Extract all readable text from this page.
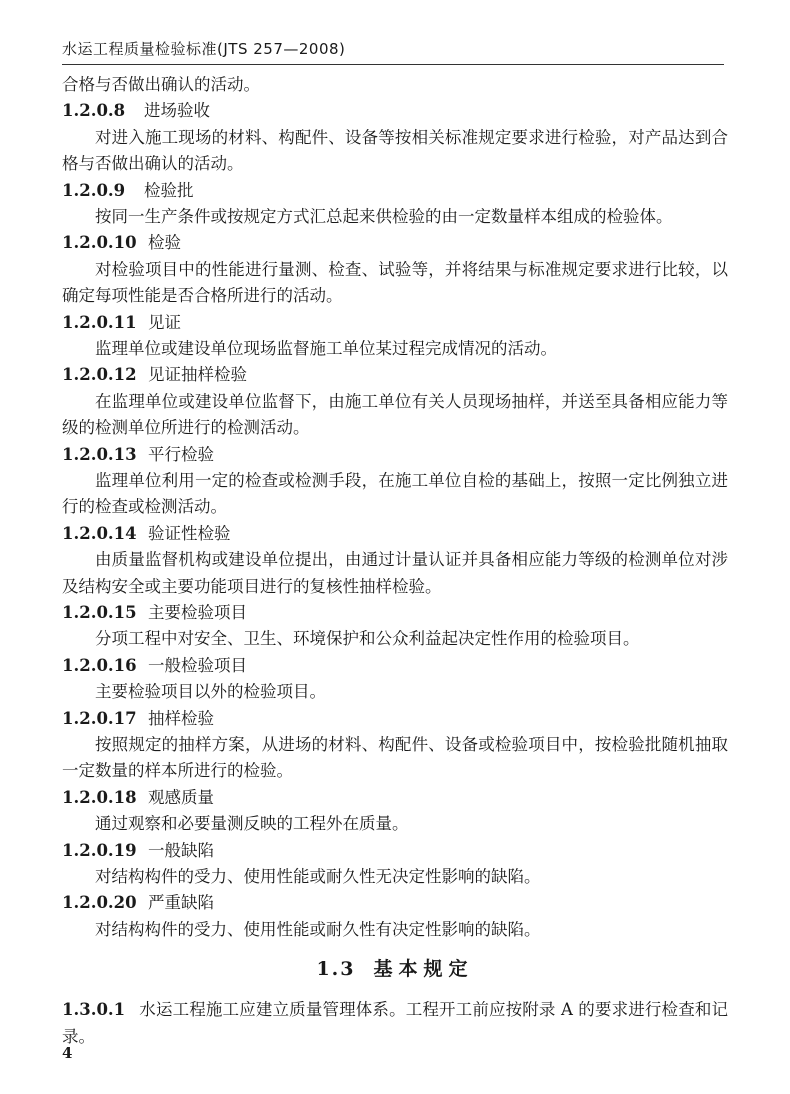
水运工程质量检验标准(JTS 257—2008)
合格与否做出确认的活动。
1.2.0.8 进场验收
对进入施工现场的材料、构配件、设备等按相关标准规定要求进行检验，对产品达到合格与否做出确认的活动。
1.2.0.9 检验批
按同一生产条件或按规定方式汇总起来供检验的由一定数量样本组成的检验体。
1.2.0.10 检验
对检验项目中的性能进行量测、检查、试验等，并将结果与标准规定要求进行比较，以确定每项性能是否合格所进行的活动。
1.2.0.11 见证
监理单位或建设单位现场监督施工单位某过程完成情况的活动。
1.2.0.12 见证抽样检验
在监理单位或建设单位监督下，由施工单位有关人员现场抽样，并送至具备相应能力等级的检测单位所进行的检测活动。
1.2.0.13 平行检验
监理单位利用一定的检查或检测手段，在施工单位自检的基础上，按照一定比例独立进行的检查或检测活动。
1.2.0.14 验证性检验
由质量监督机构或建设单位提出，由通过计量认证并具备相应能力等级的检测单位对涉及结构安全或主要功能项目进行的复核性抽样检验。
1.2.0.15 主要检验项目
分项工程中对安全、卫生、环境保护和公众利益起决定性作用的检验项目。
1.2.0.16 一般检验项目
主要检验项目以外的检验项目。
1.2.0.17 抽样检验
按照规定的抽样方案，从进场的材料、构配件、设备或检验项目中，按检验批随机抽取一定数量的样本所进行的检验。
1.2.0.18 观感质量
通过观察和必要量测反映的工程外在质量。
1.2.0.19 一般缺陷
对结构构件的受力、使用性能或耐久性无决定性影响的缺陷。
1.2.0.20 严重缺陷
对结构构件的受力、使用性能或耐久性有决定性影响的缺陷。
1.3 基本规定
1.3.0.1 水运工程施工应建立质量管理体系。工程开工前应按附录 A 的要求进行检查和记录。
4
